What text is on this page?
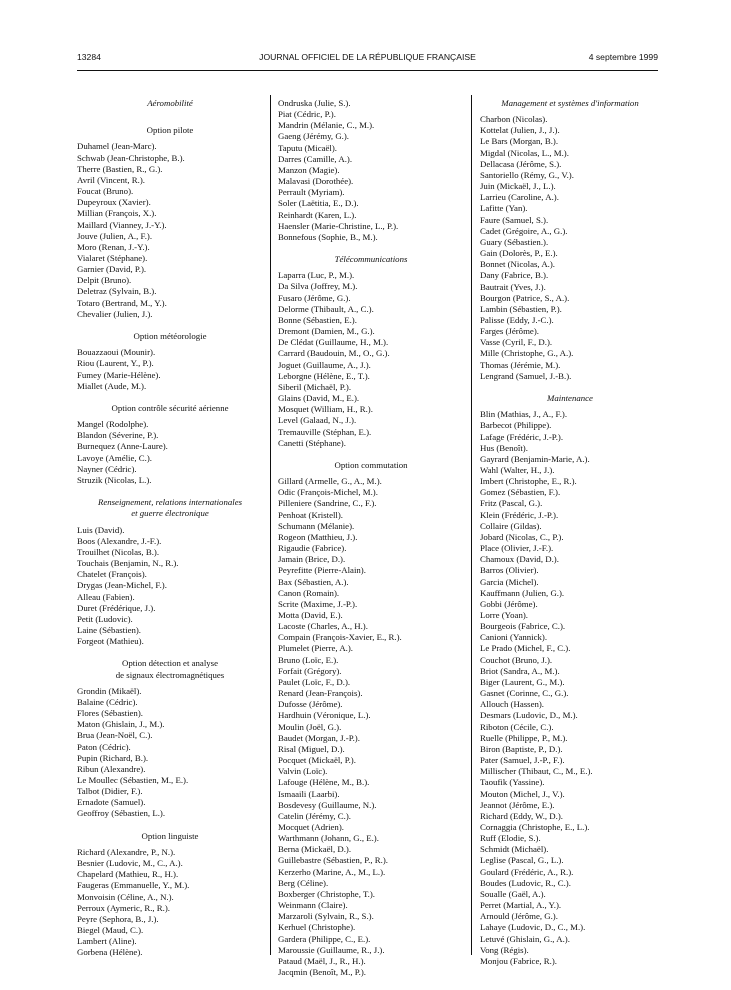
13284	JOURNAL OFFICIEL DE LA RÉPUBLIQUE FRANÇAISE	4 septembre 1999
Aéromobilité
Option pilote
Duhamel (Jean-Marc).
Schwab (Jean-Christophe, B.).
Therre (Bastien, R., G.).
Avril (Vincent, R.).
Foucat (Bruno).
Dupeyroux (Xavier).
Millian (François, X.).
Maillard (Vianney, J.-Y.).
Jouve (Julien, A., F.).
Moro (Renan, J.-Y.).
Vialaret (Stéphane).
Garnier (David, P.).
Delpit (Bruno).
Deletraz (Sylvain, B.).
Totaro (Bertrand, M., Y.).
Chevalier (Julien, J.).
Option météorologie
Bouazzaoui (Mounir).
Riou (Laurent, Y., P.).
Fumey (Marie-Hélène).
Miallet (Aude, M.).
Option contrôle sécurité aérienne
Mangel (Rodolphe).
Blandon (Séverine, P.).
Burnequez (Anne-Laure).
Lavoye (Amélie, C.).
Nayner (Cédric).
Struzik (Nicolas, L.).
Renseignement, relations internationales
et guerre électronique
Luis (David).
Boos (Alexandre, J.-F.).
Trouilhet (Nicolas, B.).
Touchais (Benjamin, N., R.).
Chatelet (François).
Drygas (Jean-Michel, F.).
Alleau (Fabien).
Duret (Frédérique, J.).
Petit (Ludovic).
Laine (Sébastien).
Forgeot (Mathieu).
Option détection et analyse
de signaux électromagnétiques
Grondin (Mikaël).
Balaine (Cédric).
Flores (Sébastien).
Maton (Ghislain, J., M.).
Brua (Jean-Noël, C.).
Paton (Cédric).
Pupin (Richard, B.).
Ribun (Alexandre).
Le Moullec (Sébastien, M., E.).
Talbot (Didier, F.).
Ernadote (Samuel).
Geoffroy (Sébastien, L.).
Option linguiste
Richard (Alexandre, P., N.).
Besnier (Ludovic, M., C., A.).
Chapelard (Mathieu, R., H.).
Faugeras (Emmanuelle, Y., M.).
Monvoisin (Céline, A., N.).
Perroux (Aymeric, R., R.).
Peyre (Sephora, B., J.).
Biegel (Maud, C.).
Lambert (Aline).
Gorbena (Hélène).
Ondruska (Julie, S.).
Piat (Cédric, P.).
Mandrin (Mélanie, C., M.).
Gaeng (Jérémy, G.).
Taputu (Micaël).
Darres (Camille, A.).
Manzon (Magie).
Malavasi (Dorothée).
Perrault (Myriam).
Soler (Laëtitia, E., D.).
Reinhardt (Karen, L.).
Haensler (Marie-Christine, L., P.).
Bonnefous (Sophie, B., M.).
Télécommunications
Laparra (Luc, P., M.).
Da Silva (Joffrey, M.).
Fusaro (Jérôme, G.).
Delorme (Thibault, A., C.).
Bonne (Sébastien, E.).
Dremont (Damien, M., G.).
De Clédat (Guillaume, H., M.).
Carrard (Baudouin, M., O., G.).
Joguet (Guillaume, A., J.).
Leborgne (Hélène, E., T.).
Siberil (Michaël, P.).
Glains (David, M., E.).
Mosquet (William, H., R.).
Level (Galaad, N., J.).
Tremauville (Stéphan, E.).
Canetti (Stéphane).
Option commutation
Gillard (Armelle, G., A., M.).
Odic (François-Michel, M.).
Pilleniere (Sandrine, C., F.).
Penhoat (Kristell).
Schumann (Mélanie).
Rogeon (Matthieu, J.).
Rigaudie (Fabrice).
Jamain (Brice, D.).
Peyrefitte (Pierre-Alain).
Bax (Sébastien, A.).
Canon (Romain).
Scrite (Maxime, J.-P.).
Motta (David, E.).
Lacoste (Charles, A., H.).
Compain (François-Xavier, E., R.).
Plumelet (Pierre, A.).
Bruno (Loïc, E.).
Forfait (Grégory).
Paulet (Loïc, F., D.).
Renard (Jean-François).
Dufosse (Jérôme).
Hardhuin (Véronique, L.).
Moulin (Joël, G.).
Baudet (Morgan, J.-P.).
Risal (Miguel, D.).
Pocquet (Mickaël, P.).
Valvin (Loïc).
Lafouge (Hélène, M., B.).
Ismaaili (Laarbi).
Bosdevesy (Guillaume, N.).
Catelin (Jérémy, C.).
Mocquet (Adrien).
Warthmann (Johann, G., E.).
Berna (Mickaël, D.).
Guillebastre (Sébastien, P., R.).
Kerzerho (Marine, A., M., L.).
Berg (Céline).
Boxberger (Christophe, T.).
Weinmann (Claire).
Marzaroli (Sylvain, R., S.).
Kerhuel (Christophe).
Gardera (Philippe, C., E.).
Maroussie (Guillaume, R., J.).
Pataud (Maël, J., R., H.).
Jacqmin (Benoît, M., P.).
Management et systèmes d'information
Charbon (Nicolas).
Kottelat (Julien, J., J.).
Le Bars (Morgan, B.).
Migdal (Nicolas, L., M.).
Dellacasa (Jérôme, S.).
Santoriello (Rémy, G., V.).
Juin (Mickaël, J., L.).
Larrieu (Caroline, A.).
Lafitte (Yan).
Faure (Samuel, S.).
Cadet (Grégoire, A., G.).
Guary (Sébastien.).
Gain (Dolorès, P., E.).
Bonnet (Nicolas, A.).
Dany (Fabrice, B.).
Bautrait (Yves, J.).
Bourgon (Patrice, S., A.).
Lambin (Sébastien, P.).
Palisse (Eddy, J.-C.).
Farges (Jérôme).
Vasse (Cyril, F., D.).
Mille (Christophe, G., A.).
Thomas (Jérémie, M.).
Lengrand (Samuel, J.-B.).
Maintenance
Blin (Mathias, J., A., F.).
Barbecot (Philippe).
Lafage (Frédéric, J.-P.).
Hus (Benoît).
Gayrard (Benjamin-Marie, A.).
Wahl (Walter, H., J.).
Imbert (Christophe, E., R.).
Gomez (Sébastien, F.).
Fritz (Pascal, G.).
Klein (Frédéric, J.-P.).
Collaire (Gildas).
Jobard (Nicolas, C., P.).
Place (Olivier, J.-F.).
Chamoux (David, D.).
Barros (Olivier).
Garcia (Michel).
Kauffmann (Julien, G.).
Gobbi (Jérôme).
Lorre (Yoan).
Bourgeois (Fabrice, C.).
Canioni (Yannick).
Le Prado (Michel, F., C.).
Couchot (Bruno, J.).
Briot (Sandra, A., M.).
Biger (Laurent, G., M.).
Gasnet (Corinne, C., G.).
Allouch (Hassen).
Desmars (Ludovic, D., M.).
Riboton (Cécile, C.).
Ruelle (Philippe, P., M.).
Biron (Baptiste, P., D.).
Pater (Samuel, J.-P., F.).
Millischer (Thibaut, C., M., E.).
Taoufik (Yassine).
Mouton (Michel, J., V.).
Jeannot (Jérôme, E.).
Richard (Eddy, W., D.).
Cornaggia (Christophe, E., L.).
Ruff (Elodie, S.).
Schmidt (Michaël).
Leglise (Pascal, G., L.).
Goulard (Frédéric, A., R.).
Boudes (Ludovic, R., C.).
Soualle (Gaël, A.).
Perret (Martial, A., Y.).
Arnould (Jérôme, G.).
Lahaye (Ludovic, D., C., M.).
Letuvé (Ghislain, G., A.).
Vong (Régis).
Monjou (Fabrice, R.).
